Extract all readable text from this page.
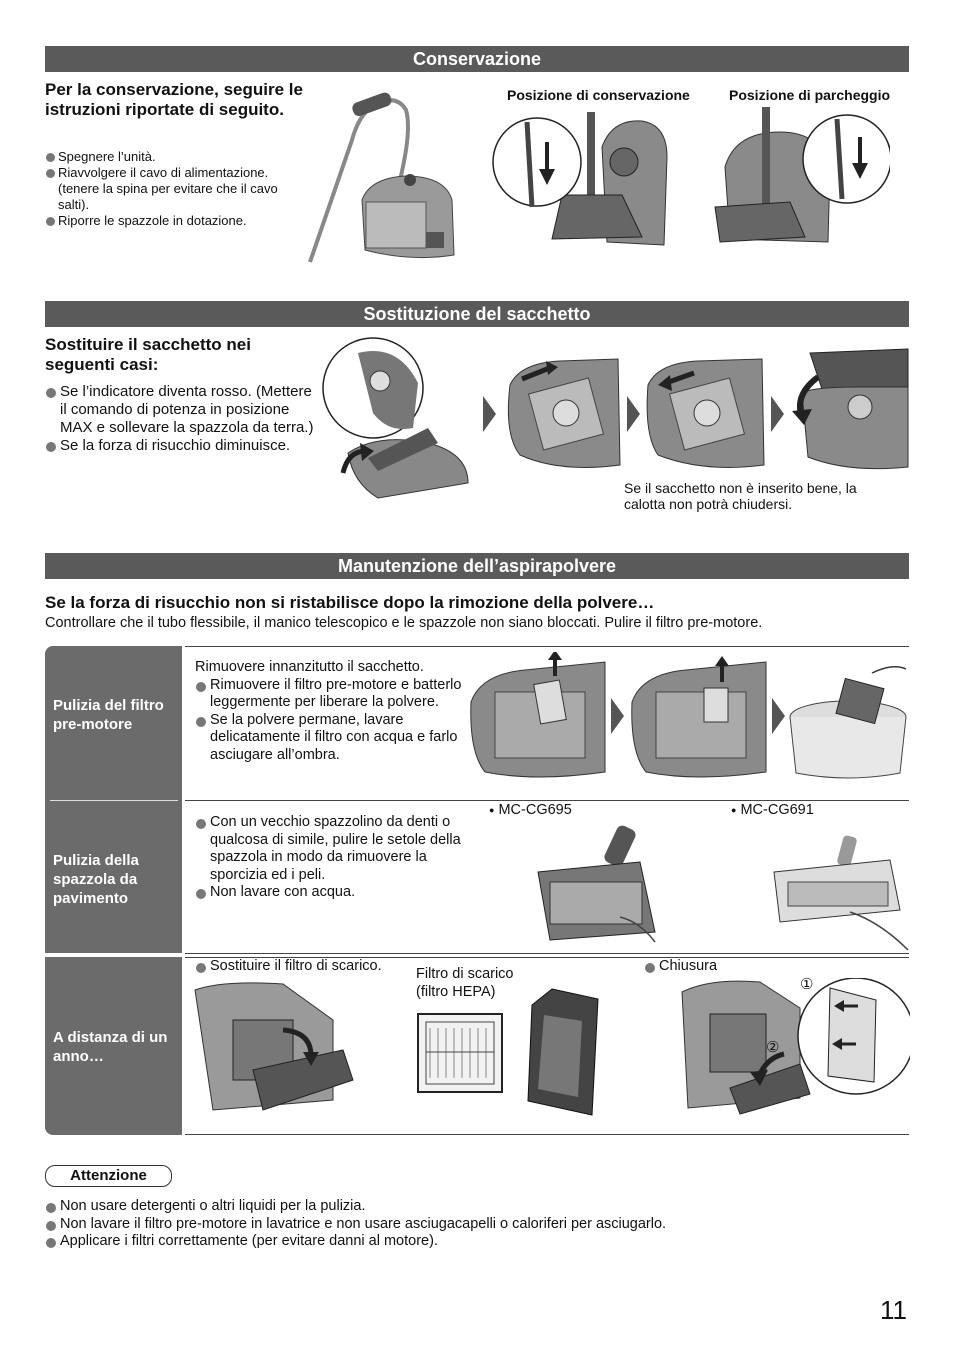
Conservazione
Per la conservazione, seguire le istruzioni riportate di seguito.
Spegnere l’unità.
Riavvolgere il cavo di alimentazione. (tenere la spina per evitare che il cavo salti).
Riporre le spazzole in dotazione.
Posizione di conservazione	Posizione di parcheggio
Sostituzione del sacchetto
Sostituire il sacchetto nei seguenti casi:
Se l’indicatore diventa rosso. (Mettere il comando di potenza in posizione MAX e sollevare la spazzola da terra.)
Se la forza di risucchio diminuisce.
Se il sacchetto non è inserito bene, la calotta non potrà chiudersi.
Manutenzione dell’aspirapolvere
Se la forza di risucchio non si ristabilisce dopo la rimozione della polvere…
Controllare che il tubo flessibile, il manico telescopico e le spazzole non siano bloccati. Pulire il filtro pre-motore.
Pulizia del filtro pre-motore
Rimuovere innanzitutto il sacchetto.
Rimuovere il filtro pre-motore e batterlo leggermente per liberare la polvere.
Se la polvere permane, lavare delicatamente il filtro con acqua e farlo asciugare all’ombra.
Pulizia della spazzola da pavimento
Con un vecchio spazzolino da denti o qualcosa di simile, pulire le setole della spazzola in modo da rimuovere la sporcizia ed i peli.
Non lavare con acqua.
● MC-CG695	● MC-CG691
A distanza di un anno…
Sostituire il filtro di scarico.	Filtro di scarico (filtro HEPA)
Chiusura
①
②
Attenzione
Non usare detergenti o altri liquidi per la pulizia.
Non lavare il filtro pre-motore in lavatrice e non usare asciugacapelli o caloriferi per asciugarlo.
Applicare i filtri correttamente (per evitare danni al motore).
11
